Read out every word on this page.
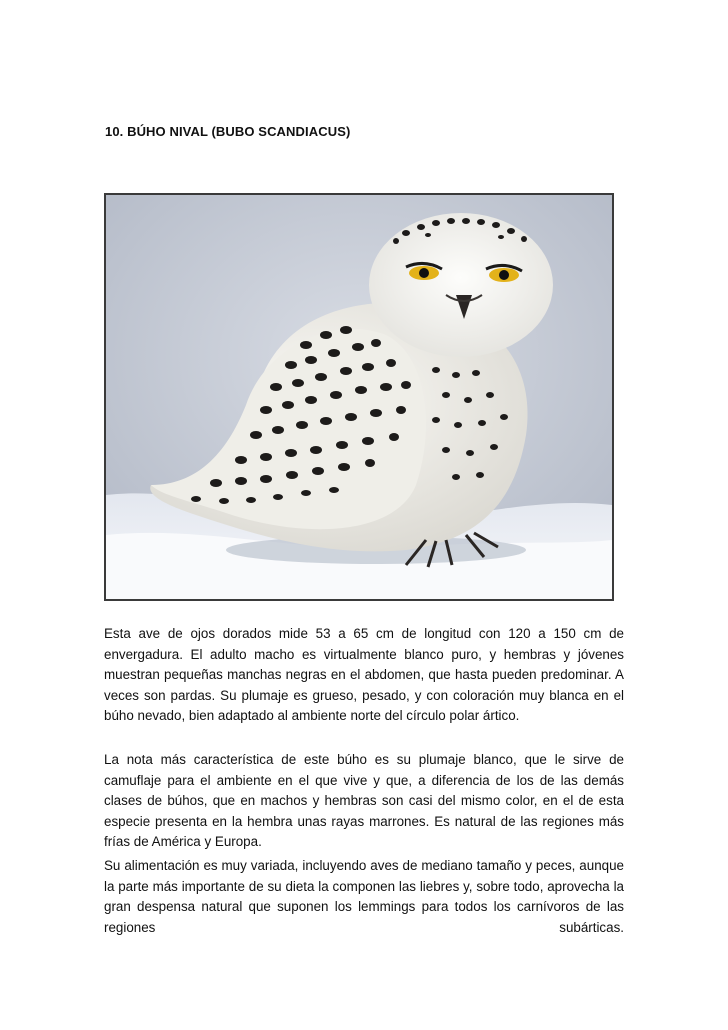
10. BÚHO NIVAL (BUBO SCANDIACUS)

Esta ave de ojos dorados mide 53 a 65 cm de longitud con 120 a 150 cm de envergadura. El adulto macho es virtualmente blanco puro, y hembras y jóvenes muestran pequeñas manchas negras en el abdomen, que hasta pueden predominar. A veces son pardas. Su plumaje es grueso, pesado, y con coloración muy blanca en el búho nevado, bien adaptado al ambiente norte del círculo polar ártico.

La nota más característica de este búho es su plumaje blanco, que le sirve de camuflaje para el ambiente en el que vive y que, a diferencia de los de las demás clases de búhos, que en machos y hembras son casi del mismo color, en el de esta especie presenta en la hembra unas rayas marrones. Es natural de las regiones más frías de América y Europa.

Su alimentación es muy variada, incluyendo aves de mediano tamaño y peces, aunque la parte más importante de su dieta la componen las liebres y, sobre todo, aprovecha la gran despensa natural que suponen los lemmings para todos los carnívoros de las regiones subárticas.
